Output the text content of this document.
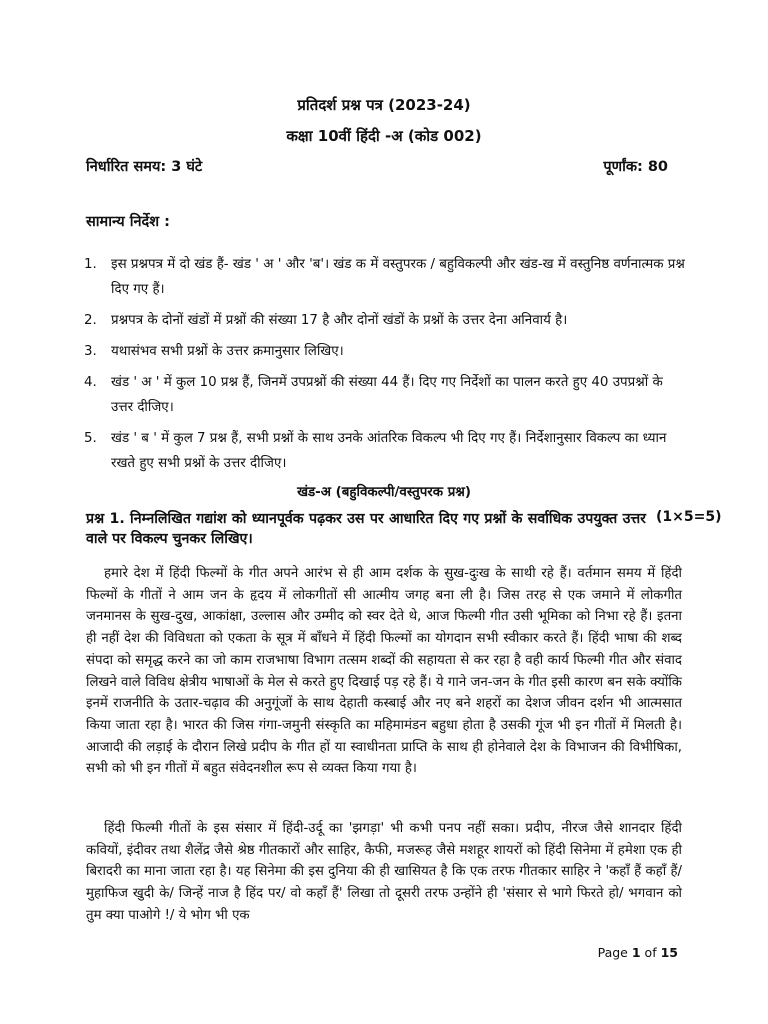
प्रतिदर्श प्रश्न पत्र (2023-24)
कक्षा 10वीं हिंदी -अ (कोड 002)
निर्धारित समय: 3 घंटे	पूर्णांक: 80
सामान्य निर्देश :
1. इस प्रश्नपत्र में दो खंड हैं- खंड ' अ ' और 'ब'। खंड क में वस्तुपरक / बहुविकल्पी और खंड-ख में वस्तुनिष्ठ वर्णनात्मक प्रश्न दिए गए हैं।
2. प्रश्नपत्र के दोनों खंडों में प्रश्नों की संख्या 17 है और दोनों खंडों के प्रश्नों के उत्तर देना अनिवार्य है।
3. यथासंभव सभी प्रश्नों के उत्तर क्रमानुसार लिखिए।
4. खंड ' अ ' में कुल 10 प्रश्न हैं, जिनमें उपप्रश्नों की संख्या 44 हैं। दिए गए निर्देशों का पालन करते हुए 40 उपप्रश्नों के उत्तर दीजिए।
5. खंड ' ब ' में कुल 7 प्रश्न हैं, सभी प्रश्नों के साथ उनके आंतरिक विकल्प भी दिए गए हैं। निर्देशानुसार विकल्प का ध्यान रखते हुए सभी प्रश्नों के उत्तर दीजिए।
खंड-अ (बहुविकल्पी/वस्तुपरक प्रश्न)
प्रश्न 1. निम्नलिखित गद्यांश को ध्यानपूर्वक पढ़कर उस पर आधारित दिए गए प्रश्नों के सर्वाधिक उपयुक्त उत्तर वाले पर विकल्प चुनकर लिखिए।
(1×5=5)

हमारे देश में हिंदी फिल्मों के गीत अपने आरंभ से ही आम दर्शक के सुख-दुःख के साथी रहे हैं। वर्तमान समय में हिंदी फिल्मों के गीतों ने आम जन के हृदय में लोकगीतों सी आत्मीय जगह बना ली है। जिस तरह से एक जमाने में लोकगीत जनमानस के सुख-दुख, आकांक्षा, उल्लास और उम्मीद को स्वर देते थे, आज फिल्मी गीत उसी भूमिका को निभा रहे हैं। इतना ही नहीं देश की विविधता को एकता के सूत्र में बाँधने में हिंदी फिल्मों का योगदान सभी स्वीकार करते हैं। हिंदी भाषा की शब्द संपदा को समृद्ध करने का जो काम राजभाषा विभाग तत्सम शब्दों की सहायता से कर रहा है वही कार्य फिल्मी गीत और संवाद लिखने वाले विविध क्षेत्रीय भाषाओं के मेल से करते हुए दिखाई पड़ रहे हैं। ये गाने जन-जन के गीत इसी कारण बन सके क्योंकि इनमें राजनीति के उतार-चढ़ाव की अनुगूंजों के साथ देहाती कस्बाई और नए बने शहरों का देशज जीवन दर्शन भी आत्मसात किया जाता रहा है। भारत की जिस गंगा-जमुनी संस्कृति का महिमामंडन बहुधा होता है उसकी गूंज भी इन गीतों में मिलती है। आजादी की लड़ाई के दौरान लिखे प्रदीप के गीत हों या स्वाधीनता प्राप्ति के साथ ही होनेवाले देश के विभाजन की विभीषिका, सभी को भी इन गीतों में बहुत संवेदनशील रूप से व्यक्त किया गया है।

हिंदी फिल्मी गीतों के इस संसार में हिंदी-उर्दू का 'झगड़ा' भी कभी पनप नहीं सका। प्रदीप, नीरज जैसे शानदार हिंदी कवियों, इंदीवर तथा शैलेंद्र जैसे श्रेष्ठ गीतकारों और साहिर, कैफी, मजरूह जैसे मशहूर शायरों को हिंदी सिनेमा में हमेशा एक ही बिरादरी का माना जाता रहा है। यह सिनेमा की इस दुनिया की ही खासियत है कि एक तरफ गीतकार साहिर ने 'कहाँ हैं कहाँ हैं/मुहाफिज खुदी के/ जिन्हें नाज है हिंद पर/ वो कहाँ हैं' लिखा तो दूसरी तरफ उन्होंने ही 'संसार से भागे फिरते हो/ भगवान को तुम क्या पाओगे !/ ये भोग भी एक

Page 1 of 15
